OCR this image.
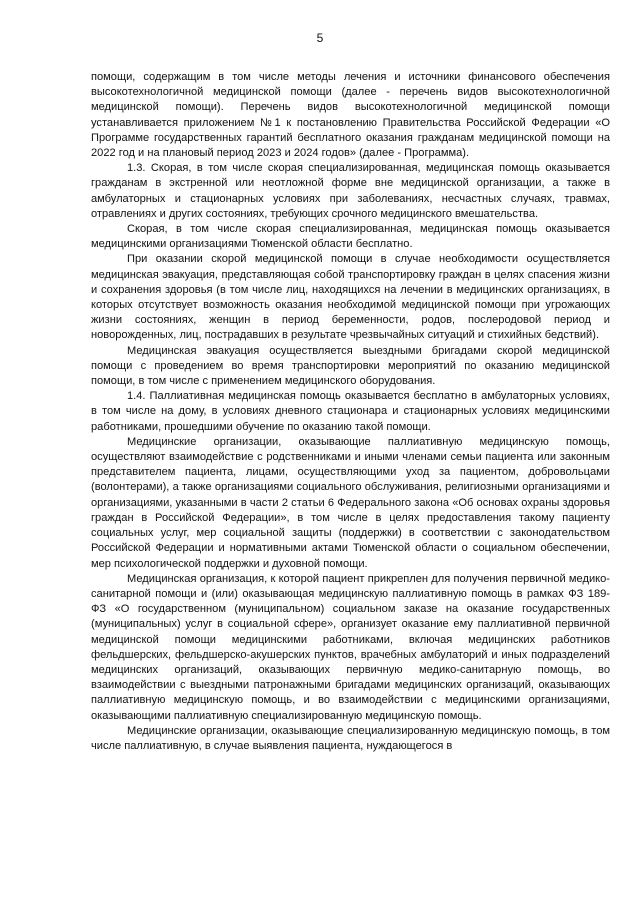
5

помощи, содержащим в том числе методы лечения и источники финансового обеспечения высокотехнологичной медицинской помощи (далее - перечень видов высокотехнологичной медицинской помощи). Перечень видов высокотехнологичной медицинской помощи устанавливается приложением №1 к постановлению Правительства Российской Федерации «О Программе государственных гарантий бесплатного оказания гражданам медицинской помощи на 2022 год и на плановый период 2023 и 2024 годов» (далее - Программа).

1.3. Скорая, в том числе скорая специализированная, медицинская помощь оказывается гражданам в экстренной или неотложной форме вне медицинской организации, а также в амбулаторных и стационарных условиях при заболеваниях, несчастных случаях, травмах, отравлениях и других состояниях, требующих срочного медицинского вмешательства.

Скорая, в том числе скорая специализированная, медицинская помощь оказывается медицинскими организациями Тюменской области бесплатно.

При оказании скорой медицинской помощи в случае необходимости осуществляется медицинская эвакуация, представляющая собой транспортировку граждан в целях спасения жизни и сохранения здоровья (в том числе лиц, находящихся на лечении в медицинских организациях, в которых отсутствует возможность оказания необходимой медицинской помощи при угрожающих жизни состояниях, женщин в период беременности, родов, послеродовой период и новорожденных, лиц, пострадавших в результате чрезвычайных ситуаций и стихийных бедствий).

Медицинская эвакуация осуществляется выездными бригадами скорой медицинской помощи с проведением во время транспортировки мероприятий по оказанию медицинской помощи, в том числе с применением медицинского оборудования.

1.4. Паллиативная медицинская помощь оказывается бесплатно в амбулаторных условиях, в том числе на дому, в условиях дневного стационара и стационарных условиях медицинскими работниками, прошедшими обучение по оказанию такой помощи.

Медицинские организации, оказывающие паллиативную медицинскую помощь, осуществляют взаимодействие с родственниками и иными членами семьи пациента или законным представителем пациента, лицами, осуществляющими уход за пациентом, добровольцами (волонтерами), а также организациями социального обслуживания, религиозными организациями и организациями, указанными в части 2 статьи 6 Федерального закона «Об основах охраны здоровья граждан в Российской Федерации», в том числе в целях предоставления такому пациенту социальных услуг, мер социальной защиты (поддержки) в соответствии с законодательством Российской Федерации и нормативными актами Тюменской области о социальном обеспечении, мер психологической поддержки и духовной помощи.

Медицинская организация, к которой пациент прикреплен для получения первичной медико-санитарной помощи и (или) оказывающая медицинскую паллиативную помощь в рамках ФЗ 189-ФЗ «О государственном (муниципальном) социальном заказе на оказание государственных (муниципальных) услуг в социальной сфере», организует оказание ему паллиативной первичной медицинской помощи медицинскими работниками, включая медицинских работников фельдшерских, фельдшерско-акушерских пунктов, врачебных амбулаторий и иных подразделений медицинских организаций, оказывающих первичную медико-санитарную помощь, во взаимодействии с выездными патронажными бригадами медицинских организаций, оказывающих паллиативную медицинскую помощь, и во взаимодействии с медицинскими организациями, оказывающими паллиативную специализированную медицинскую помощь.

Медицинские организации, оказывающие специализированную медицинскую помощь, в том числе паллиативную, в случае выявления пациента, нуждающегося в
